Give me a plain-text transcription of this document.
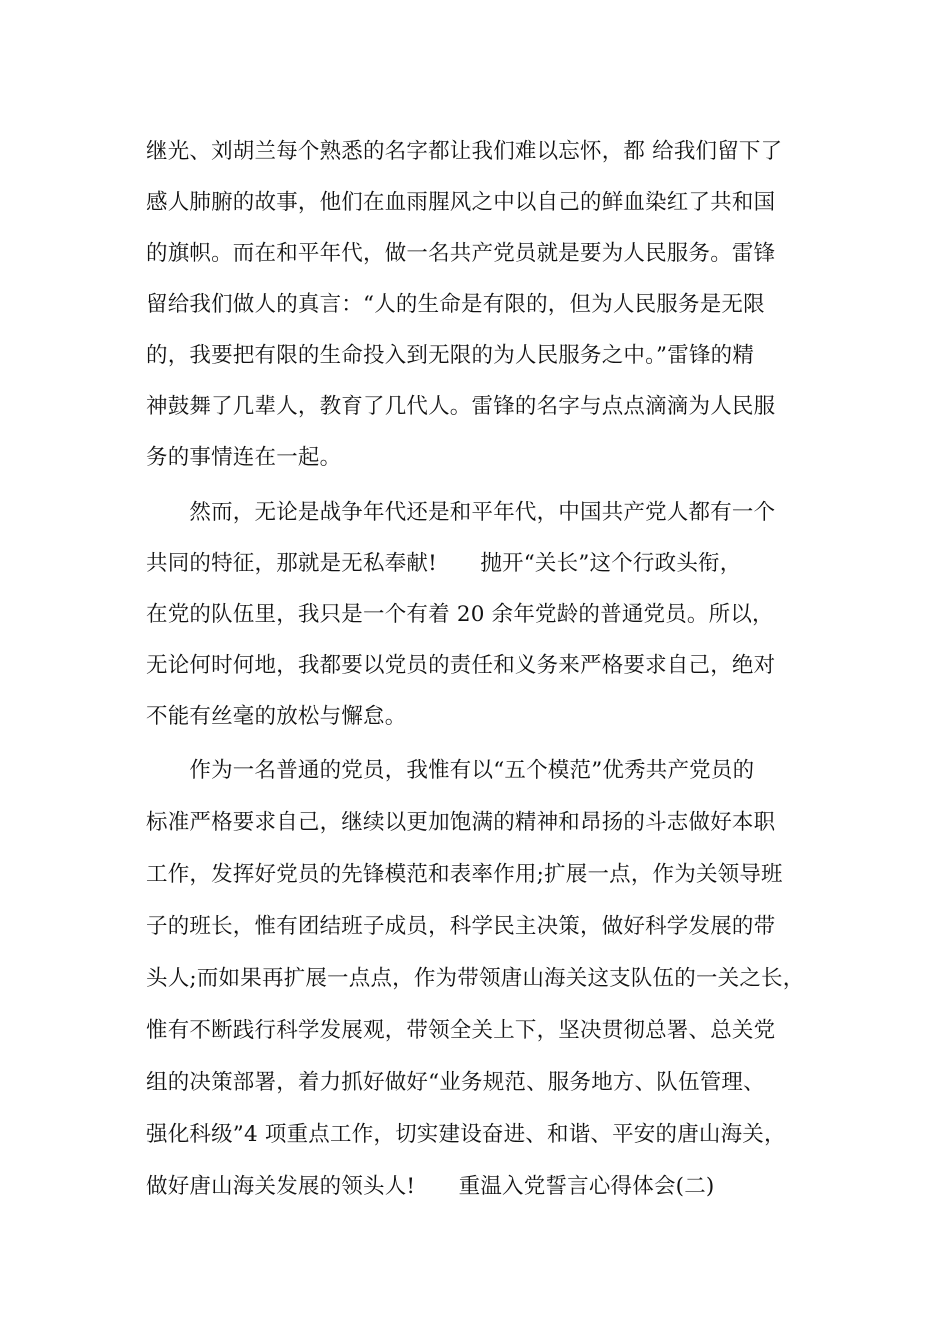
继光、刘胡兰每个熟悉的名字都让我们难以忘怀，都 给我们留下了
感人肺腑的故事，他们在血雨腥风之中以自己的鲜血染红了共和国
的旗帜。而在和平年代，做一名共产党员就是要为人民服务。雷锋
留给我们做人的真言：“人的生命是有限的，但为人民服务是无限
的，我要把有限的生命投入到无限的为人民服务之中。”雷锋的精
神鼓舞了几辈人，教育了几代人。雷锋的名字与点点滴滴为人民服
务的事情连在一起。
　　然而，无论是战争年代还是和平年代，中国共产党人都有一个
共同的特征，那就是无私奉献!　　抛开“关长”这个行政头衔，
在党的队伍里，我只是一个有着 20 余年党龄的普通党员。所以，
无论何时何地，我都要以党员的责任和义务来严格要求自己，绝对
不能有丝毫的放松与懈怠。
　　作为一名普通的党员，我惟有以“五个模范”优秀共产党员的
标准严格要求自己，继续以更加饱满的精神和昂扬的斗志做好本职
工作，发挥好党员的先锋模范和表率作用;扩展一点，作为关领导班
子的班长，惟有团结班子成员，科学民主决策，做好科学发展的带
头人;而如果再扩展一点点，作为带领唐山海关这支队伍的一关之长，
惟有不断践行科学发展观，带领全关上下，坚决贯彻总署、总关党
组的决策部署，着力抓好做好“业务规范、服务地方、队伍管理、
强化科级”4 项重点工作，切实建设奋进、和谐、平安的唐山海关，
做好唐山海关发展的领头人!　　重温入党誓言心得体会(二)
